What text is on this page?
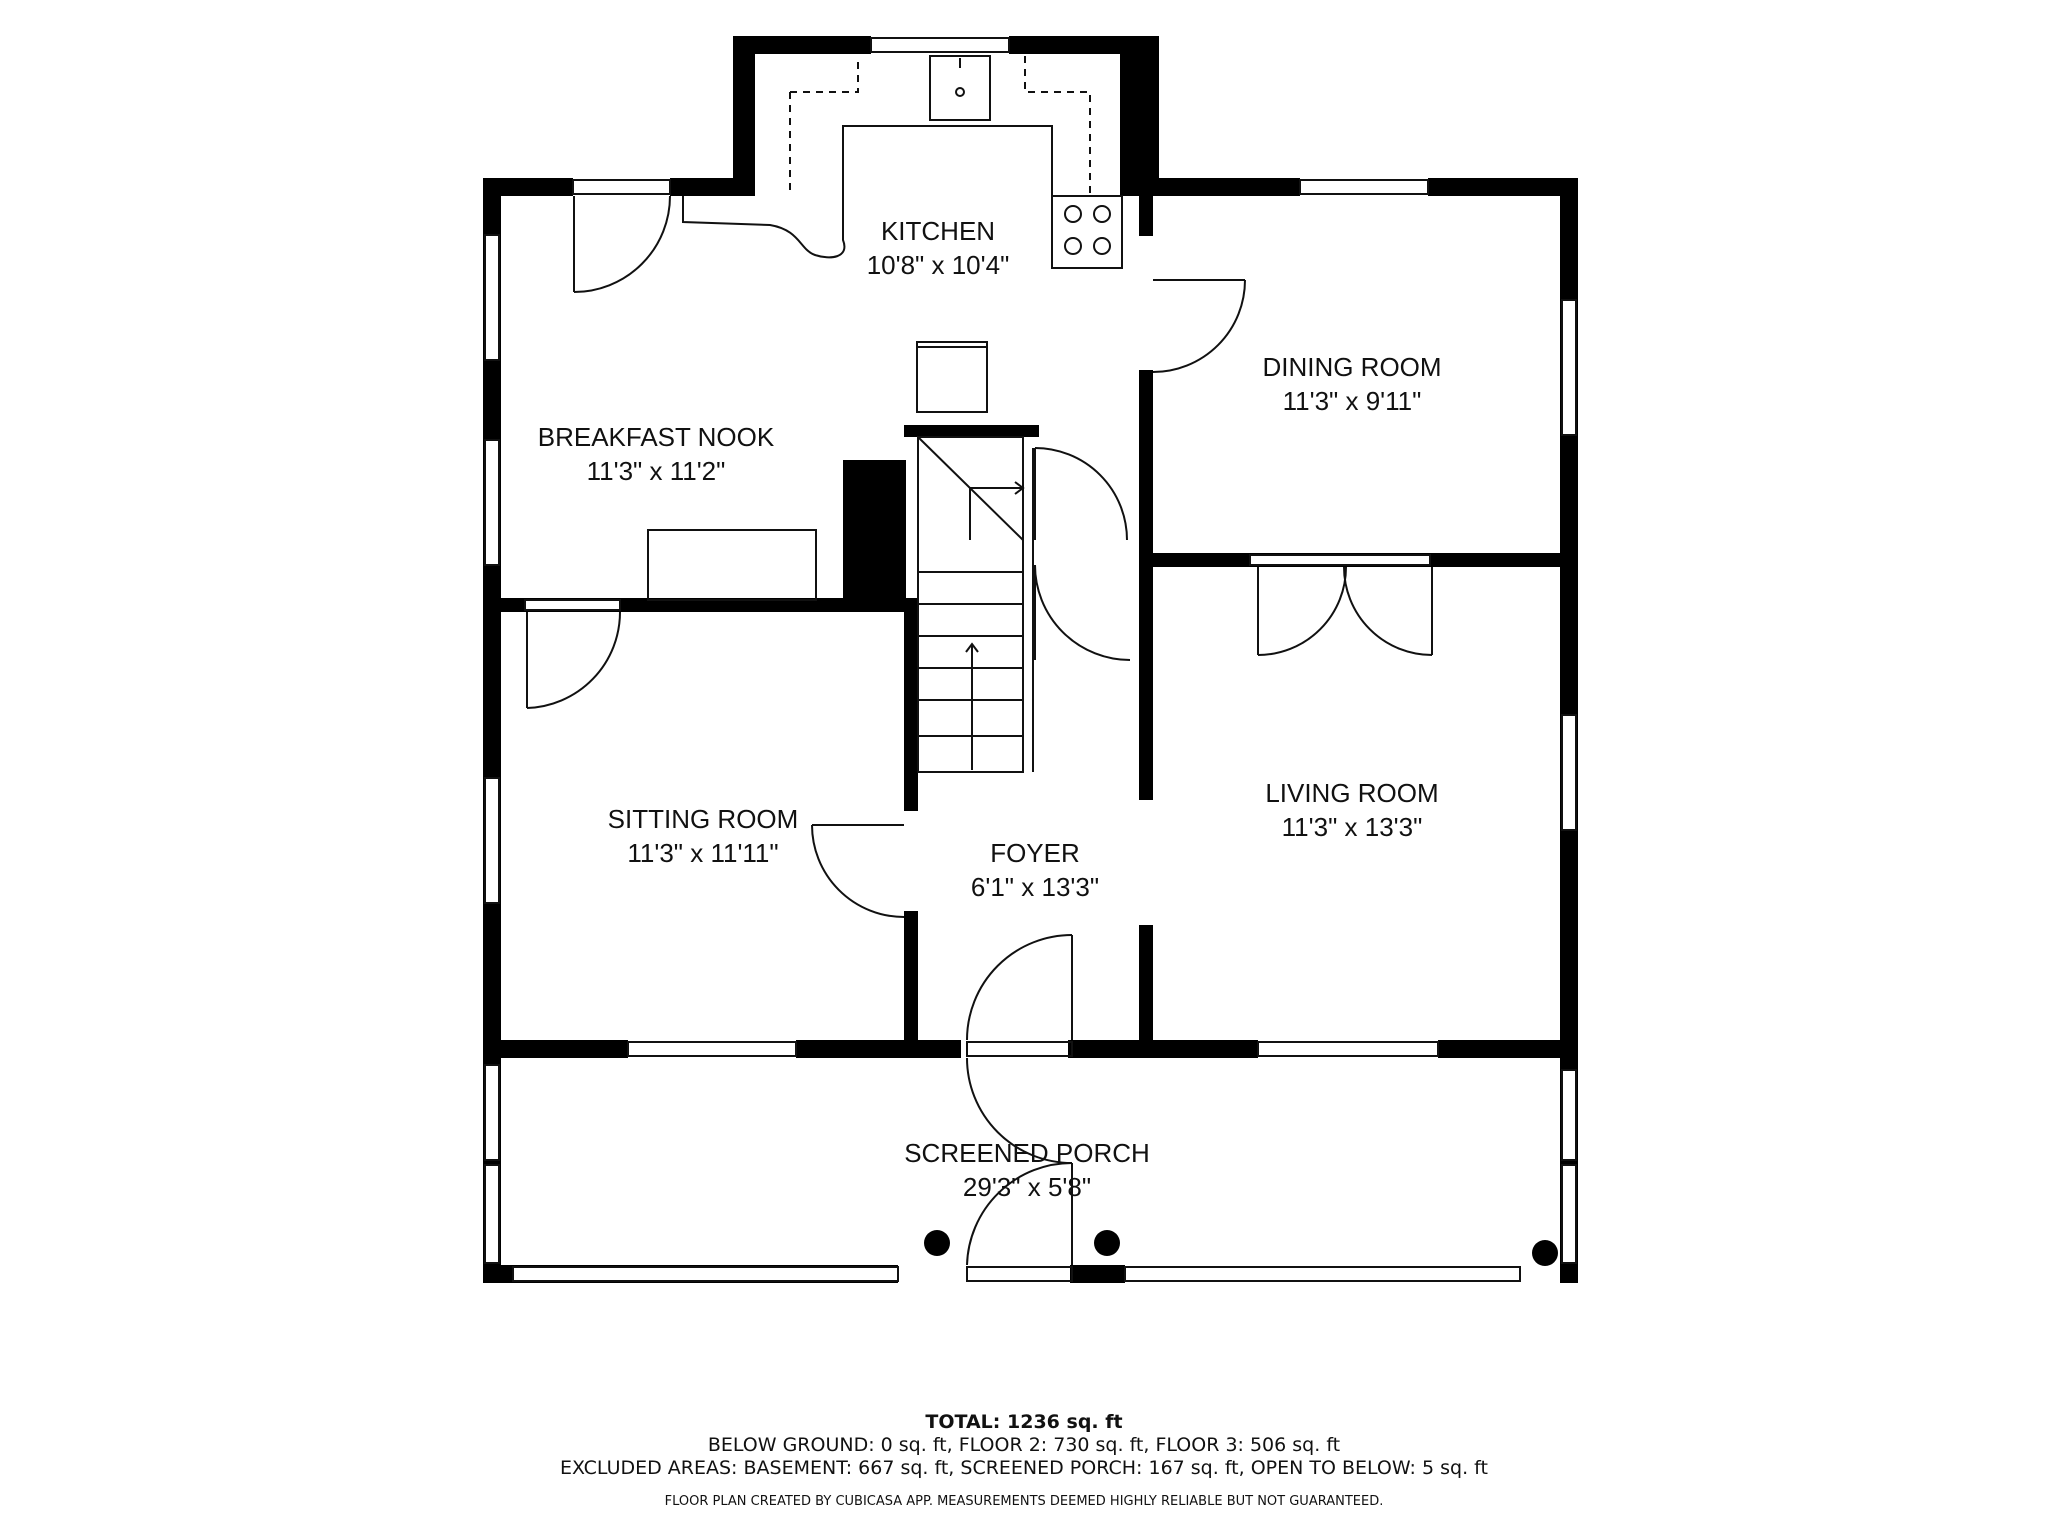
KITCHEN
10'8" x 10'4"
BREAKFAST NOOK
11'3" x 11'2"
DINING ROOM
11'3" x 9'11"
SITTING ROOM
11'3" x 11'11"	FOYER
6'1" x 13'3"
LIVING ROOM
11'3" x 13'3"
SCREENED PORCH
29'3" x 5'8"
TOTAL: 1236 sq. ft
BELOW GROUND: 0 sq. ft, FLOOR 2: 730 sq. ft, FLOOR 3: 506 sq. ft
EXCLUDED AREAS: BASEMENT: 667 sq. ft, SCREENED PORCH: 167 sq. ft, OPEN TO BELOW: 5 sq. ft
FLOOR PLAN CREATED BY CUBICASA APP. MEASUREMENTS DEEMED HIGHLY RELIABLE BUT NOT GUARANTEED.
